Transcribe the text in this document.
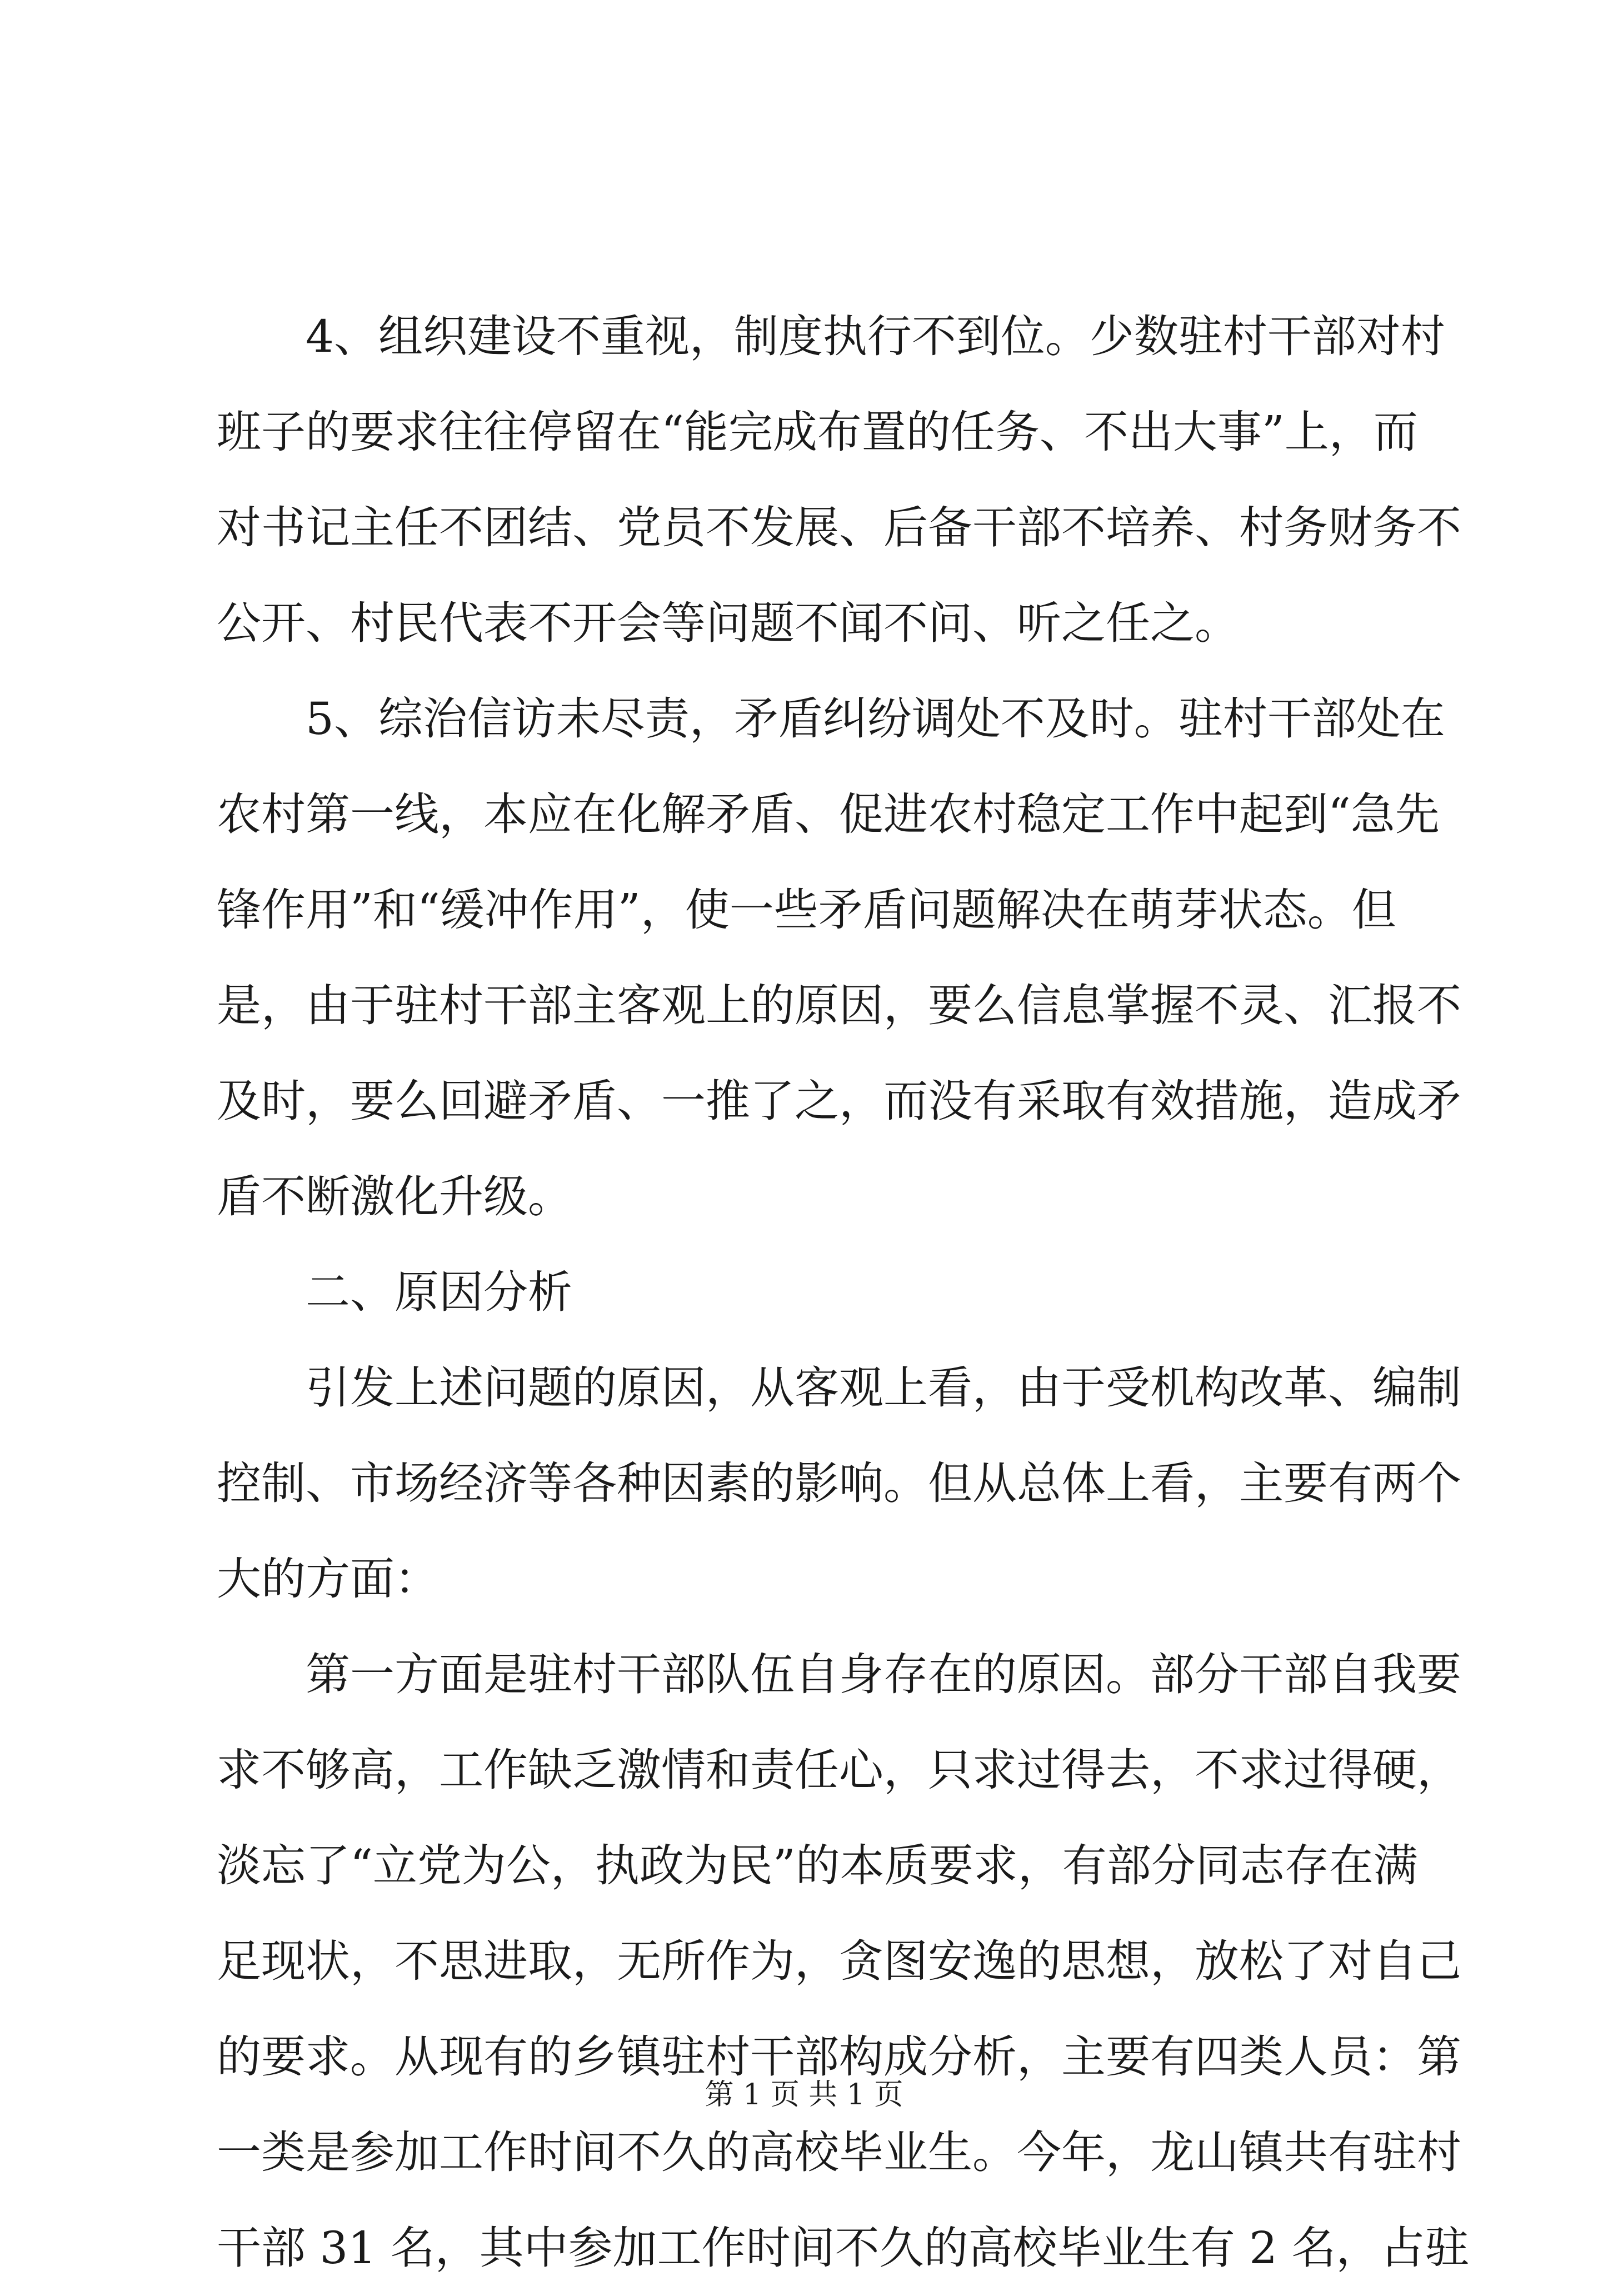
4、组织建设不重视，制度执行不到位。少数驻村干部对村
班子的要求往往停留在“能完成布置的任务、不出大事”上，而
对书记主任不团结、党员不发展、后备干部不培养、村务财务不
公开、村民代表不开会等问题不闻不问、听之任之。
5、综治信访未尽责，矛盾纠纷调处不及时。驻村干部处在
农村第一线，本应在化解矛盾、促进农村稳定工作中起到“急先
锋作用”和“缓冲作用”，使一些矛盾问题解决在萌芽状态。但
是，由于驻村干部主客观上的原因，要么信息掌握不灵、汇报不
及时，要么回避矛盾、一推了之，而没有采取有效措施，造成矛
盾不断激化升级。
二、原因分析
引发上述问题的原因，从客观上看，由于受机构改革、编制
控制、市场经济等各种因素的影响。但从总体上看，主要有两个
大的方面：
第一方面是驻村干部队伍自身存在的原因。部分干部自我要
求不够高，工作缺乏激情和责任心，只求过得去，不求过得硬，
淡忘了“立党为公，执政为民”的本质要求，有部分同志存在满
足现状，不思进取，无所作为，贪图安逸的思想，放松了对自己
的要求。从现有的乡镇驻村干部构成分析，主要有四类人员：第
一类是参加工作时间不久的高校毕业生。今年，龙山镇共有驻村
干部 31 名，其中参加工作时间不久的高校毕业生有 2 名，占驻
第 1 页 共 1 页
